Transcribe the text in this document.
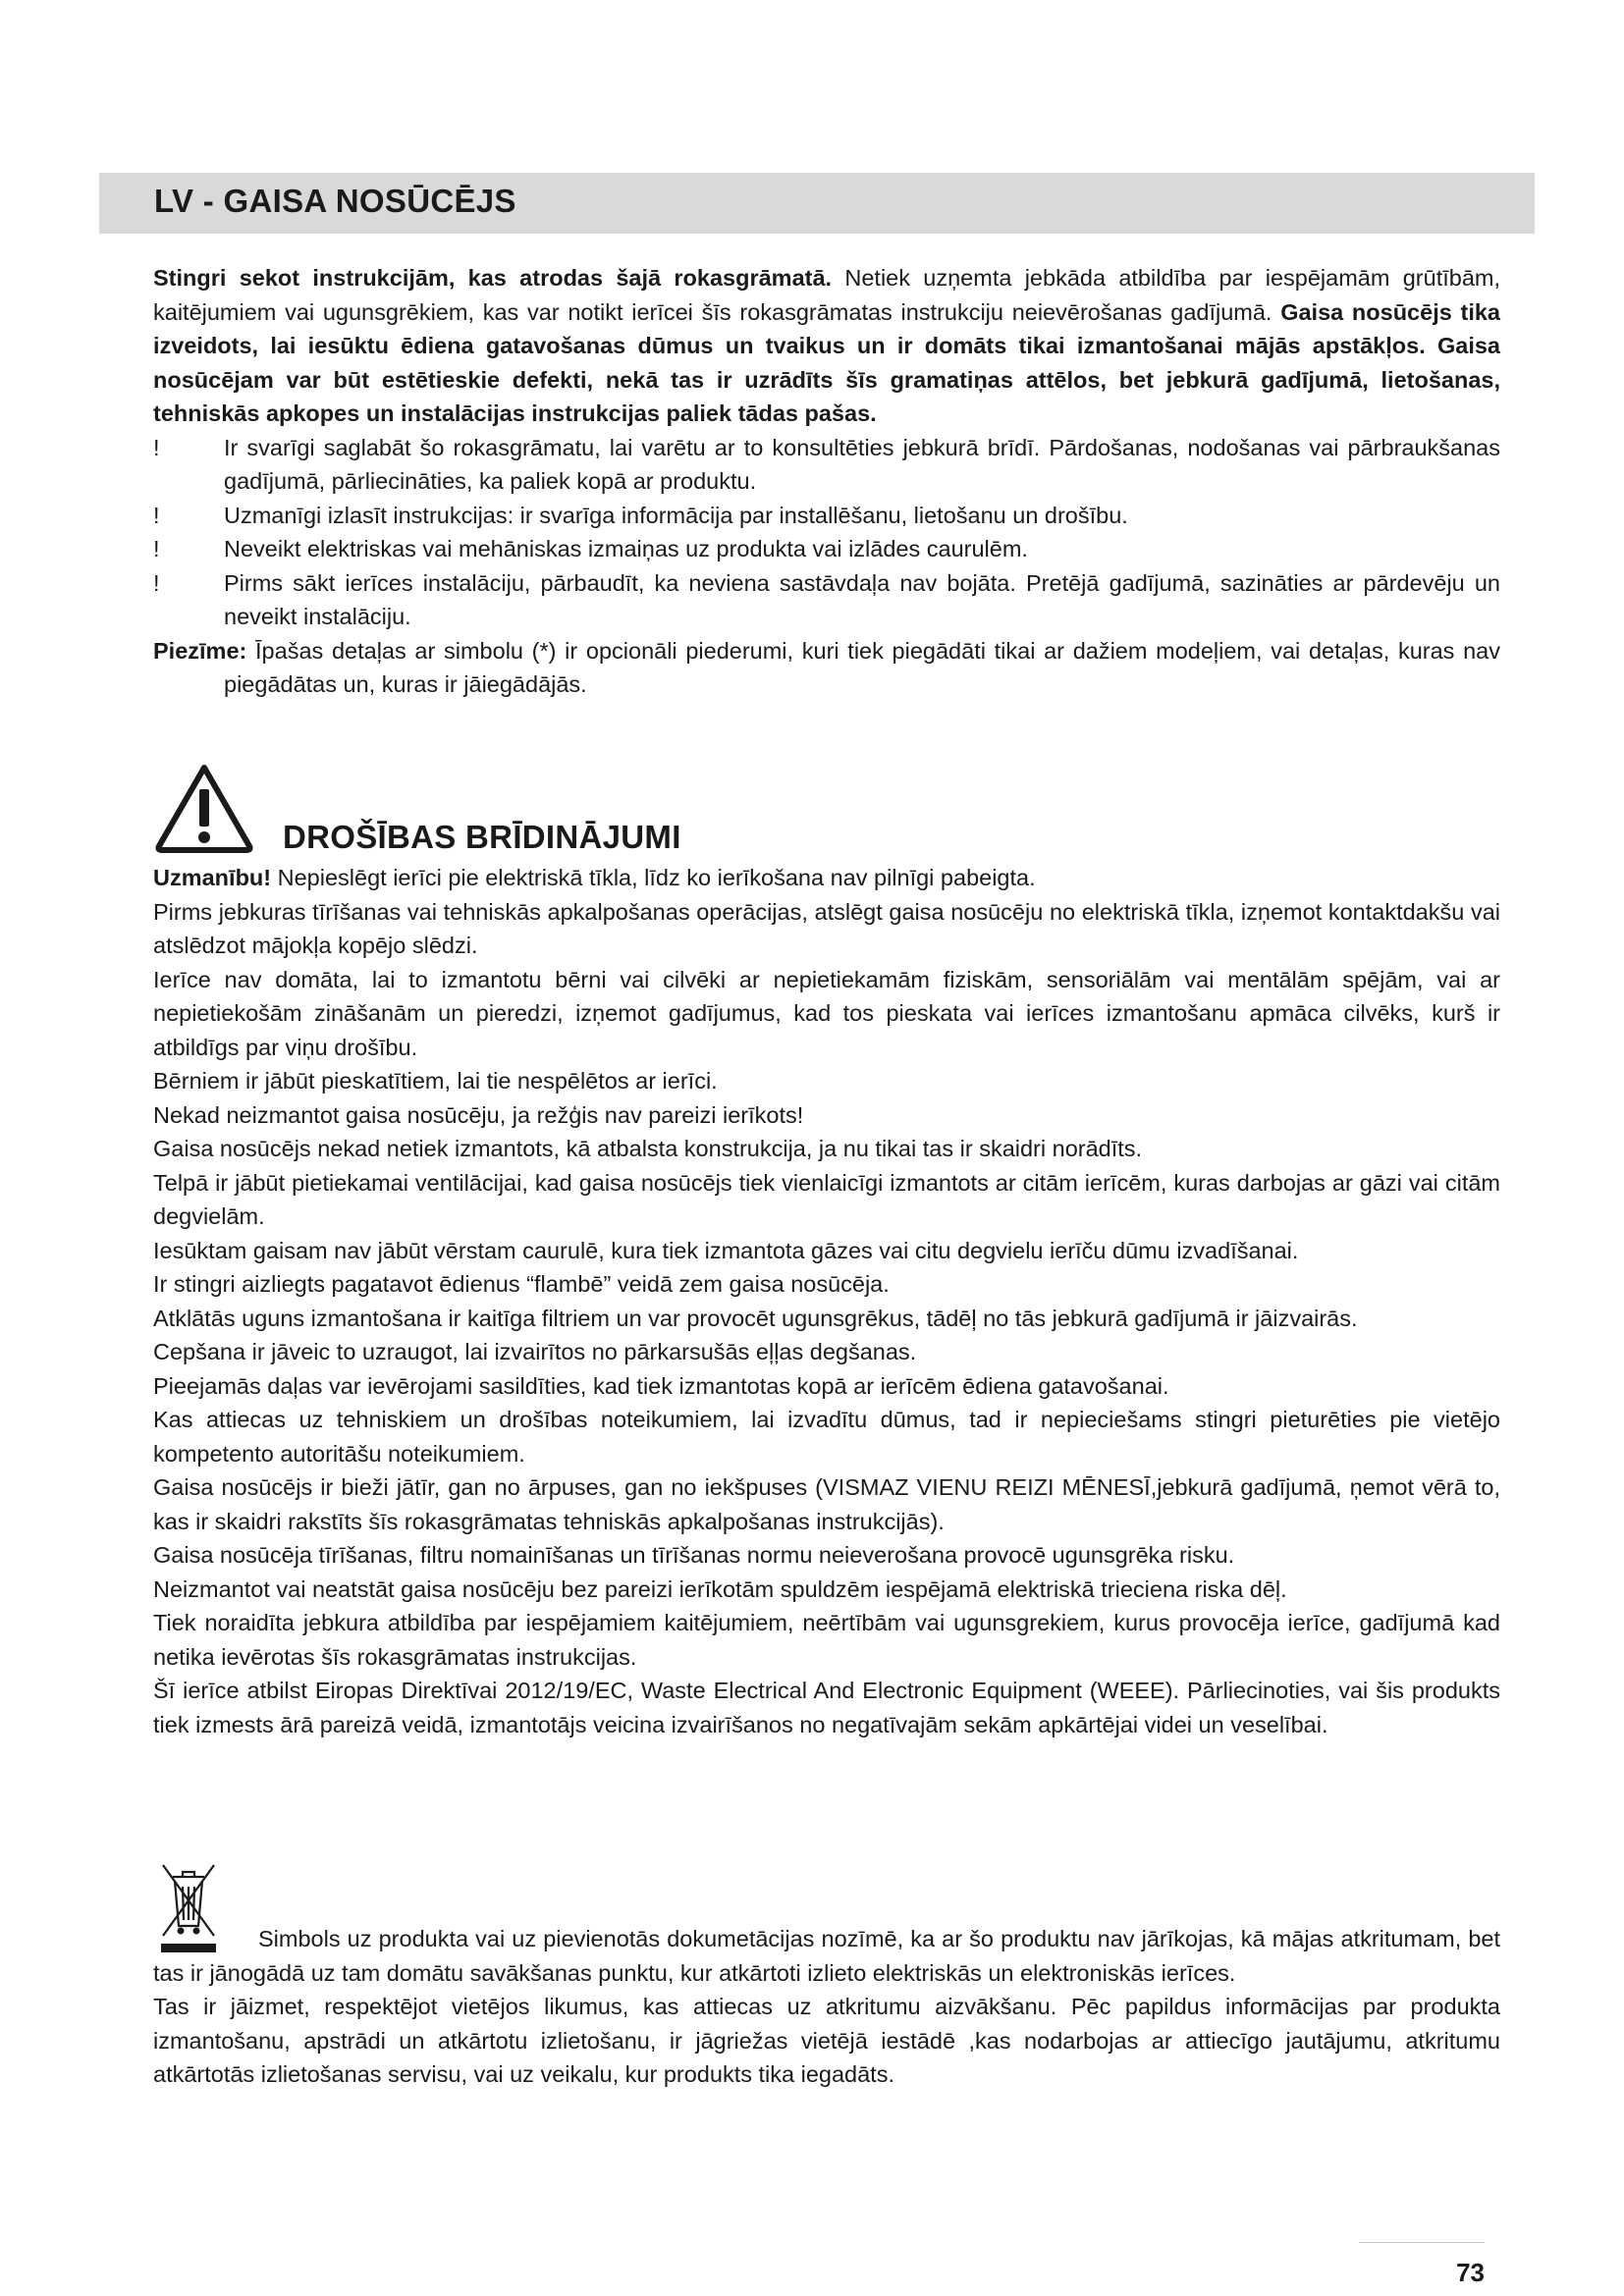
LV - GAISA NOSŪCĒJS

Stingri sekot instrukcijām, kas atrodas šajā rokasgrāmatā. Netiek uzņemta jebkāda atbildība par iespējamām grūtībām, kaitējumiem vai ugunsgrēkiem, kas var notikt ierīcei šīs rokasgrāmatas instrukciju neievērošanas gadījumā. Gaisa nosūcējs tika izveidots, lai iesūktu ēdiena gatavošanas dūmus un tvaikus un ir domāts tikai izmantošanai mājās apstākļos. Gaisa nosūcējam var būt estētieskie defekti, nekā tas ir uzrādīts šīs gramatiņas attēlos, bet jebkurā gadījumā, lietošanas, tehniskās apkopes un instalācijas instrukcijas paliek tādas pašas.

!	Ir svarīgi saglabāt šo rokasgrāmatu, lai varētu ar to konsultēties jebkurā brīdī. Pārdošanas, nodošanas vai pārbraukšanas gadījumā, pārliecināties, ka paliek kopā ar produktu.

!	Uzmanīgi izlasīt instrukcijas: ir svarīga informācija par installēšanu, lietošanu un drošību.

!	Neveikt elektriskas vai mehāniskas izmaiņas uz produkta vai izlādes caurulēm.

!	Pirms sākt ierīces instalāciju, pārbaudīt, ka neviena sastāvdaļa nav bojāta. Pretējā gadījumā, sazināties ar pārdevēju un neveikt instalāciju.

Piezīme: Īpašas detaļas ar simbolu (*) ir opcionāli piederumi, kuri tiek piegādāti tikai ar dažiem modeļiem, vai detaļas, kuras nav piegādātas un, kuras ir jāiegādājās.

DROŠĪBAS BRĪDINĀJUMI

Uzmanību! Nepieslēgt ierīci pie elektriskā tīkla, līdz ko ierīkošana nav pilnīgi pabeigta.

Pirms jebkuras tīrīšanas vai tehniskās apkalpošanas operācijas, atslēgt gaisa nosūcēju no elektriskā tīkla, izņemot kontaktdakšu vai atslēdzot mājokļa kopējo slēdzi.

Ierīce nav domāta, lai to izmantotu bērni vai cilvēki ar nepietiekamām fiziskām, sensoriālām vai mentālām spējām, vai ar nepietiekošām zināšanām un pieredzi, izņemot gadījumus, kad tos pieskata vai ierīces izmantošanu apmāca cilvēks, kurš ir atbildīgs par viņu drošību.

Bērniem ir jābūt pieskatītiem, lai tie nespēlētos ar ierīci.

Nekad neizmantot gaisa nosūcēju, ja režģis nav pareizi ierīkots!

Gaisa nosūcējs nekad netiek izmantots, kā atbalsta konstrukcija, ja nu tikai tas ir skaidri norādīts.

Telpā ir jābūt pietiekamai ventilācijai, kad gaisa nosūcējs tiek vienlaicīgi izmantots ar citām ierīcēm, kuras darbojas ar gāzi vai citām degvielām.

Iesūktam gaisam nav jābūt vērstam caurulē, kura tiek izmantota gāzes vai citu degvielu ierīču dūmu izvadīšanai.

Ir stingri aizliegts pagatavot ēdienus “flambē” veidā zem gaisa nosūcēja.

Atklātās uguns izmantošana ir kaitīga filtriem un var provocēt ugunsgrēkus, tādēļ no tās jebkurā gadījumā ir jāizvairās.

Cepšana ir jāveic to uzraugot, lai izvairītos no pārkarsušās eļļas degšanas.

Pieejamās daļas var ievērojami sasildīties, kad tiek izmantotas kopā ar ierīcēm ēdiena gatavošanai.

Kas attiecas uz tehniskiem un drošības noteikumiem, lai izvadītu dūmus, tad ir nepieciešams stingri pieturēties pie vietējo kompetento autoritāšu noteikumiem.

Gaisa nosūcējs ir bieži jātīr, gan no ārpuses, gan no iekšpuses (VISMAZ VIENU REIZI MĒNESĪ,jebkurā gadījumā, ņemot vērā to, kas ir skaidri rakstīts šīs rokasgrāmatas tehniskās apkalpošanas instrukcijās).

Gaisa nosūcēja tīrīšanas, filtru nomainīšanas un tīrīšanas normu neieverošana provocē ugunsgrēka risku.

Neizmantot vai neatstāt gaisa nosūcēju bez pareizi ierīkotām spuldzēm iespējamā elektriskā trieciena riska dēļ.

Tiek noraidīta jebkura atbildība par iespējamiem kaitējumiem, neērtībām vai ugunsgrekiem, kurus provocēja ierīce, gadījumā kad netika ievērotas šīs rokasgrāmatas instrukcijas.

Šī ierīce atbilst Eiropas Direktīvai 2012/19/EC, Waste Electrical And Electronic Equipment (WEEE). Pārliecinoties, vai šis produkts tiek izmests ārā pareizā veidā, izmantotājs veicina izvairīšanos no negatīvajām sekām apkārtējai videi un veselībai.

Simbols uz produkta vai uz pievienotās dokumetācijas nozīmē, ka ar šo produktu nav jārīkojas, kā mājas atkritumam, bet tas ir jānogādā uz tam domātu savākšanas punktu, kur atkārtoti izlieto elektriskās un elektroniskās ierīces.

Tas ir jāizmet, respektējot vietējos likumus, kas attiecas uz atkritumu aizvākšanu. Pēc papildus informācijas par produkta izmantošanu, apstrādi un atkārtotu izlietošanu, ir jāgriežas vietējā iestādē ,kas nodarbojas ar attiecīgo jautājumu, atkritumu atkārtotās izlietošanas servisu, vai uz veikalu, kur produkts tika iegadāts.

73
